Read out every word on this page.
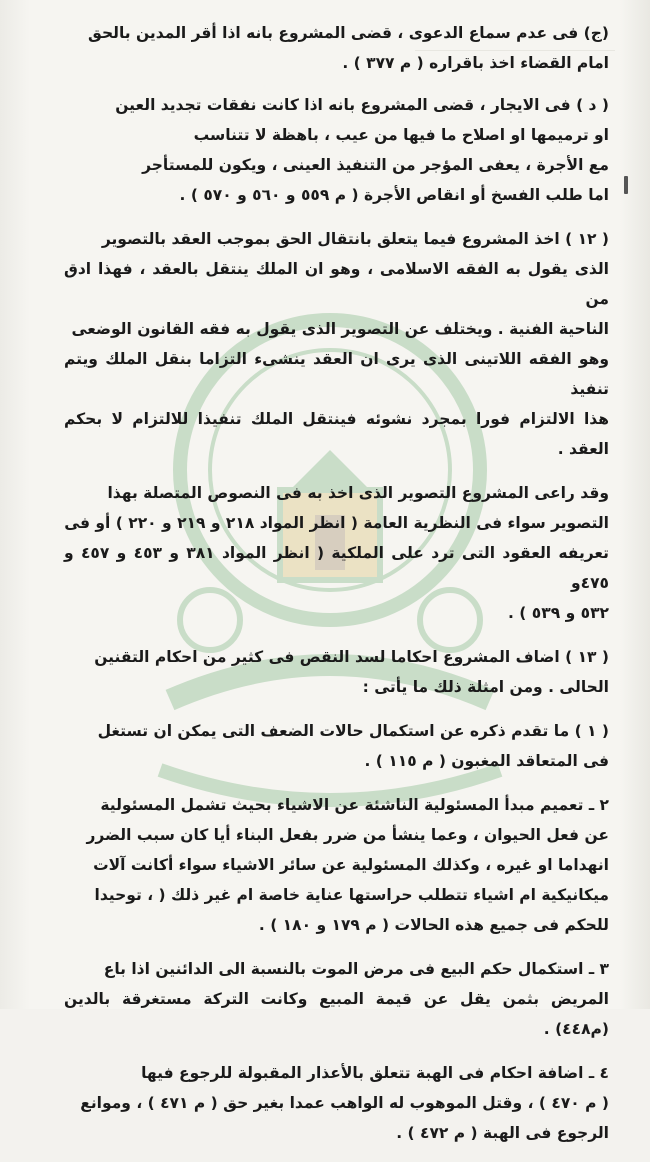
(ج) فى عدم سماع الدعوى ، قضى المشروع بانه اذا أقر المدين بالحق

امام القضاء اخذ باقراره ( م ٣٧٧ ) .

( د ) فى الايجار ، قضى المشروع بانه اذا كانت نفقات تجديد العين

او ترميمها او اصلاح ما فيها من عيب ، باهظة لا تتناسب

مع الأجرة ، يعفى المؤجر من التنفيذ العينى ، ويكون للمستأجر

اما طلب الفسخ أو انقاص الأجرة ( م ٥٥٩ و ٥٦٠ و ٥٧٠ ) .

( ١٢ ) اخذ المشروع فيما يتعلق بانتقال الحق بموجب العقد بالتصوير

الذى يقول به الفقه الاسلامى ، وهو ان الملك ينتقل بالعقد ، فهذا ادق من

الناحية الفنية . ويختلف عن التصوير الذى يقول به فقه القانون الوضعى

وهو الفقه اللاتينى الذى يرى ان العقد ينشىء التزاما بنقل الملك ويتم تنفيذ

هذا الالتزام فورا بمجرد نشوئه فينتقل الملك تنفيذا للالتزام لا بحكم العقد .

وقد راعى المشروع التصوير الذى اخذ به فى النصوص المتصلة بهذا

التصوير سواء فى النظرية العامة ( انظر المواد ٢١٨ و ٢١٩ و ٢٢٠ ) أو فى

تعريفه العقود التى ترد على الملكية ( انظر المواد ٣٨١ و ٤٥٣ و ٤٥٧ و ٤٧٥و

٥٣٢ و ٥٣٩ ) .

( ١٣ ) اضاف المشروع احكاما لسد النقص فى كثير من احكام التقنين

الحالى . ومن امثلة ذلك ما يأتى :

( ١ ) ما تقدم ذكره عن استكمال حالات الضعف التى يمكن ان تستغل

فى المتعاقد المغبون ( م ١١٥ ) .

٢ ـ تعميم مبدأ المسئولية الناشئة عن الاشياء بحيث تشمل المسئولية

عن فعل الحيوان ، وعما ينشأ من ضرر بفعل البناء أيا كان سبب الضرر

انهداما او غيره ، وكذلك المسئولية عن سائر الاشياء سواء أكانت آلات

ميكانيكية ام اشياء تتطلب حراستها عناية خاصة ام غير ذلك ( ، توحيدا

للحكم فى جميع هذه الحالات ( م ١٧٩ و ١٨٠ ) .

٣ ـ استكمال حكم البيع فى مرض الموت بالنسبة الى الدائنين اذا باع

المريض بثمن يقل عن قيمة المبيع وكانت التركة مستغرقة بالدين (م٤٤٨) .

٤ ـ اضافة احكام فى الهبة تتعلق بالأعذار المقبولة للرجوع فيها

( م ٤٧٠ ) ، وقتل الموهوب له الواهب عمدا بغير حق ( م ٤٧١ ) ، وموانع

الرجوع فى الهبة ( م ٤٧٢ ) .
